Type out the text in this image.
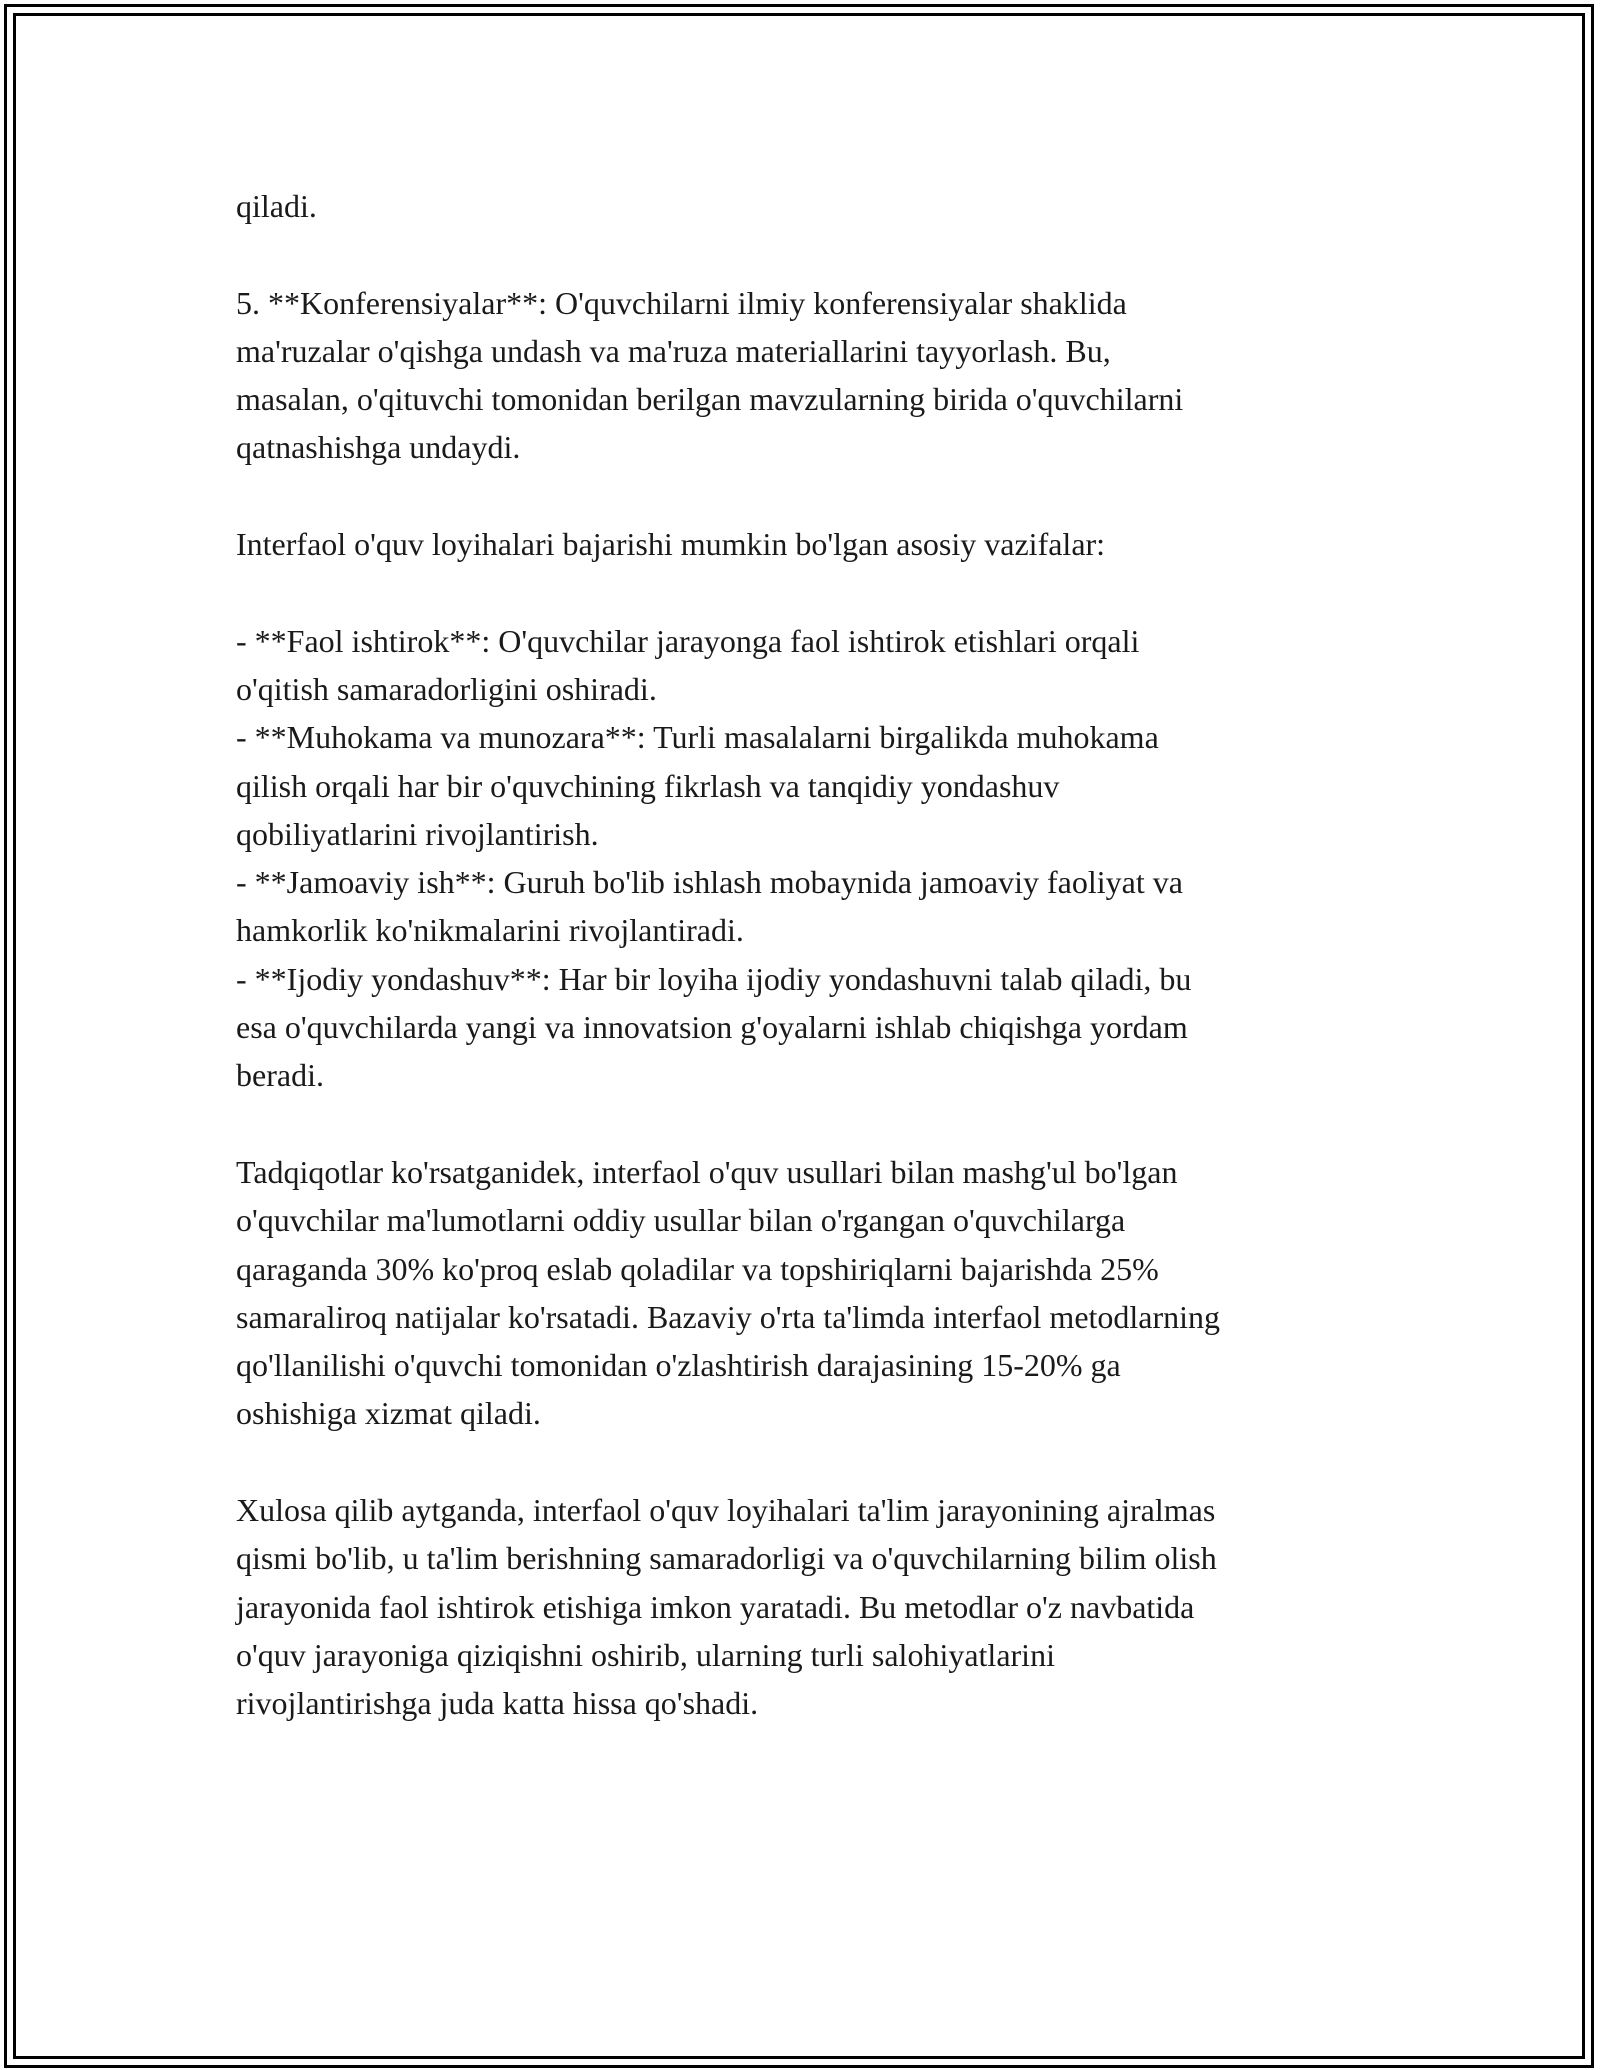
qiladi.

5. **Konferensiyalar**: O'quvchilarni ilmiy konferensiyalar shaklida
ma'ruzalar o'qishga undash va ma'ruza materiallarini tayyorlash. Bu,
masalan, o'qituvchi tomonidan berilgan mavzularning birida o'quvchilarni
qatnashishga undaydi.

Interfaol o'quv loyihalari bajarishi mumkin bo'lgan asosiy vazifalar:

- **Faol ishtirok**: O'quvchilar jarayonga faol ishtirok etishlari orqali
o'qitish samaradorligini oshiradi.
- **Muhokama va munozara**: Turli masalalarni birgalikda muhokama
qilish orqali har bir o'quvchining fikrlash va tanqidiy yondashuv
qobiliyatlarini rivojlantirish.
- **Jamoaviy ish**: Guruh bo'lib ishlash mobaynida jamoaviy faoliyat va
hamkorlik ko'nikmalarini rivojlantiradi.
- **Ijodiy yondashuv**: Har bir loyiha ijodiy yondashuvni talab qiladi, bu
esa o'quvchilarda yangi va innovatsion g'oyalarni ishlab chiqishga yordam
beradi.

Tadqiqotlar ko'rsatganidek, interfaol o'quv usullari bilan mashg'ul bo'lgan
o'quvchilar ma'lumotlarni oddiy usullar bilan o'rgangan o'quvchilarga
qaraganda 30% ko'proq eslab qoladilar va topshiriqlarni bajarishda 25%
samaraliroq natijalar ko'rsatadi. Bazaviy o'rta ta'limda interfaol metodlarning
qo'llanilishi o'quvchi tomonidan o'zlashtirish darajasining 15-20% ga
oshishiga xizmat qiladi.

Xulosa qilib aytganda, interfaol o'quv loyihalari ta'lim jarayonining ajralmas
qismi bo'lib, u ta'lim berishning samaradorligi va o'quvchilarning bilim olish
jarayonida faol ishtirok etishiga imkon yaratadi. Bu metodlar o'z navbatida
o'quv jarayoniga qiziqishni oshirib, ularning turli salohiyatlarini
rivojlantirishga juda katta hissa qo'shadi.
